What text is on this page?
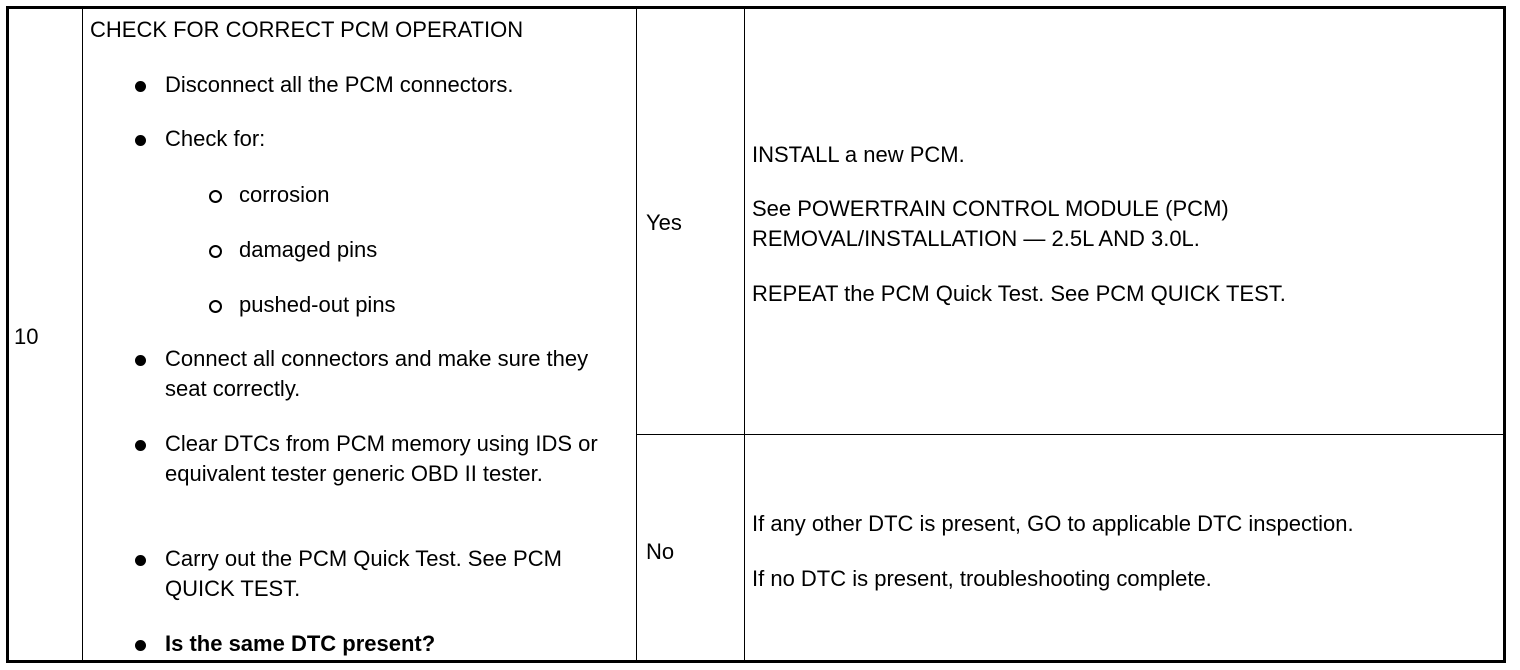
10
CHECK FOR CORRECT PCM OPERATION
Disconnect all the PCM connectors.
Check for:
corrosion
damaged pins
pushed-out pins
Connect all connectors and make sure they seat correctly.
Clear DTCs from PCM memory using IDS or equivalent tester generic OBD II tester.
Carry out the PCM Quick Test. See PCM QUICK TEST.
Is the same DTC present?
Yes
INSTALL a new PCM.
See POWERTRAIN CONTROL MODULE (PCM) REMOVAL/INSTALLATION — 2.5L AND 3.0L.
REPEAT the PCM Quick Test. See PCM QUICK TEST.
No
If any other DTC is present, GO to applicable DTC inspection.
If no DTC is present, troubleshooting complete.
